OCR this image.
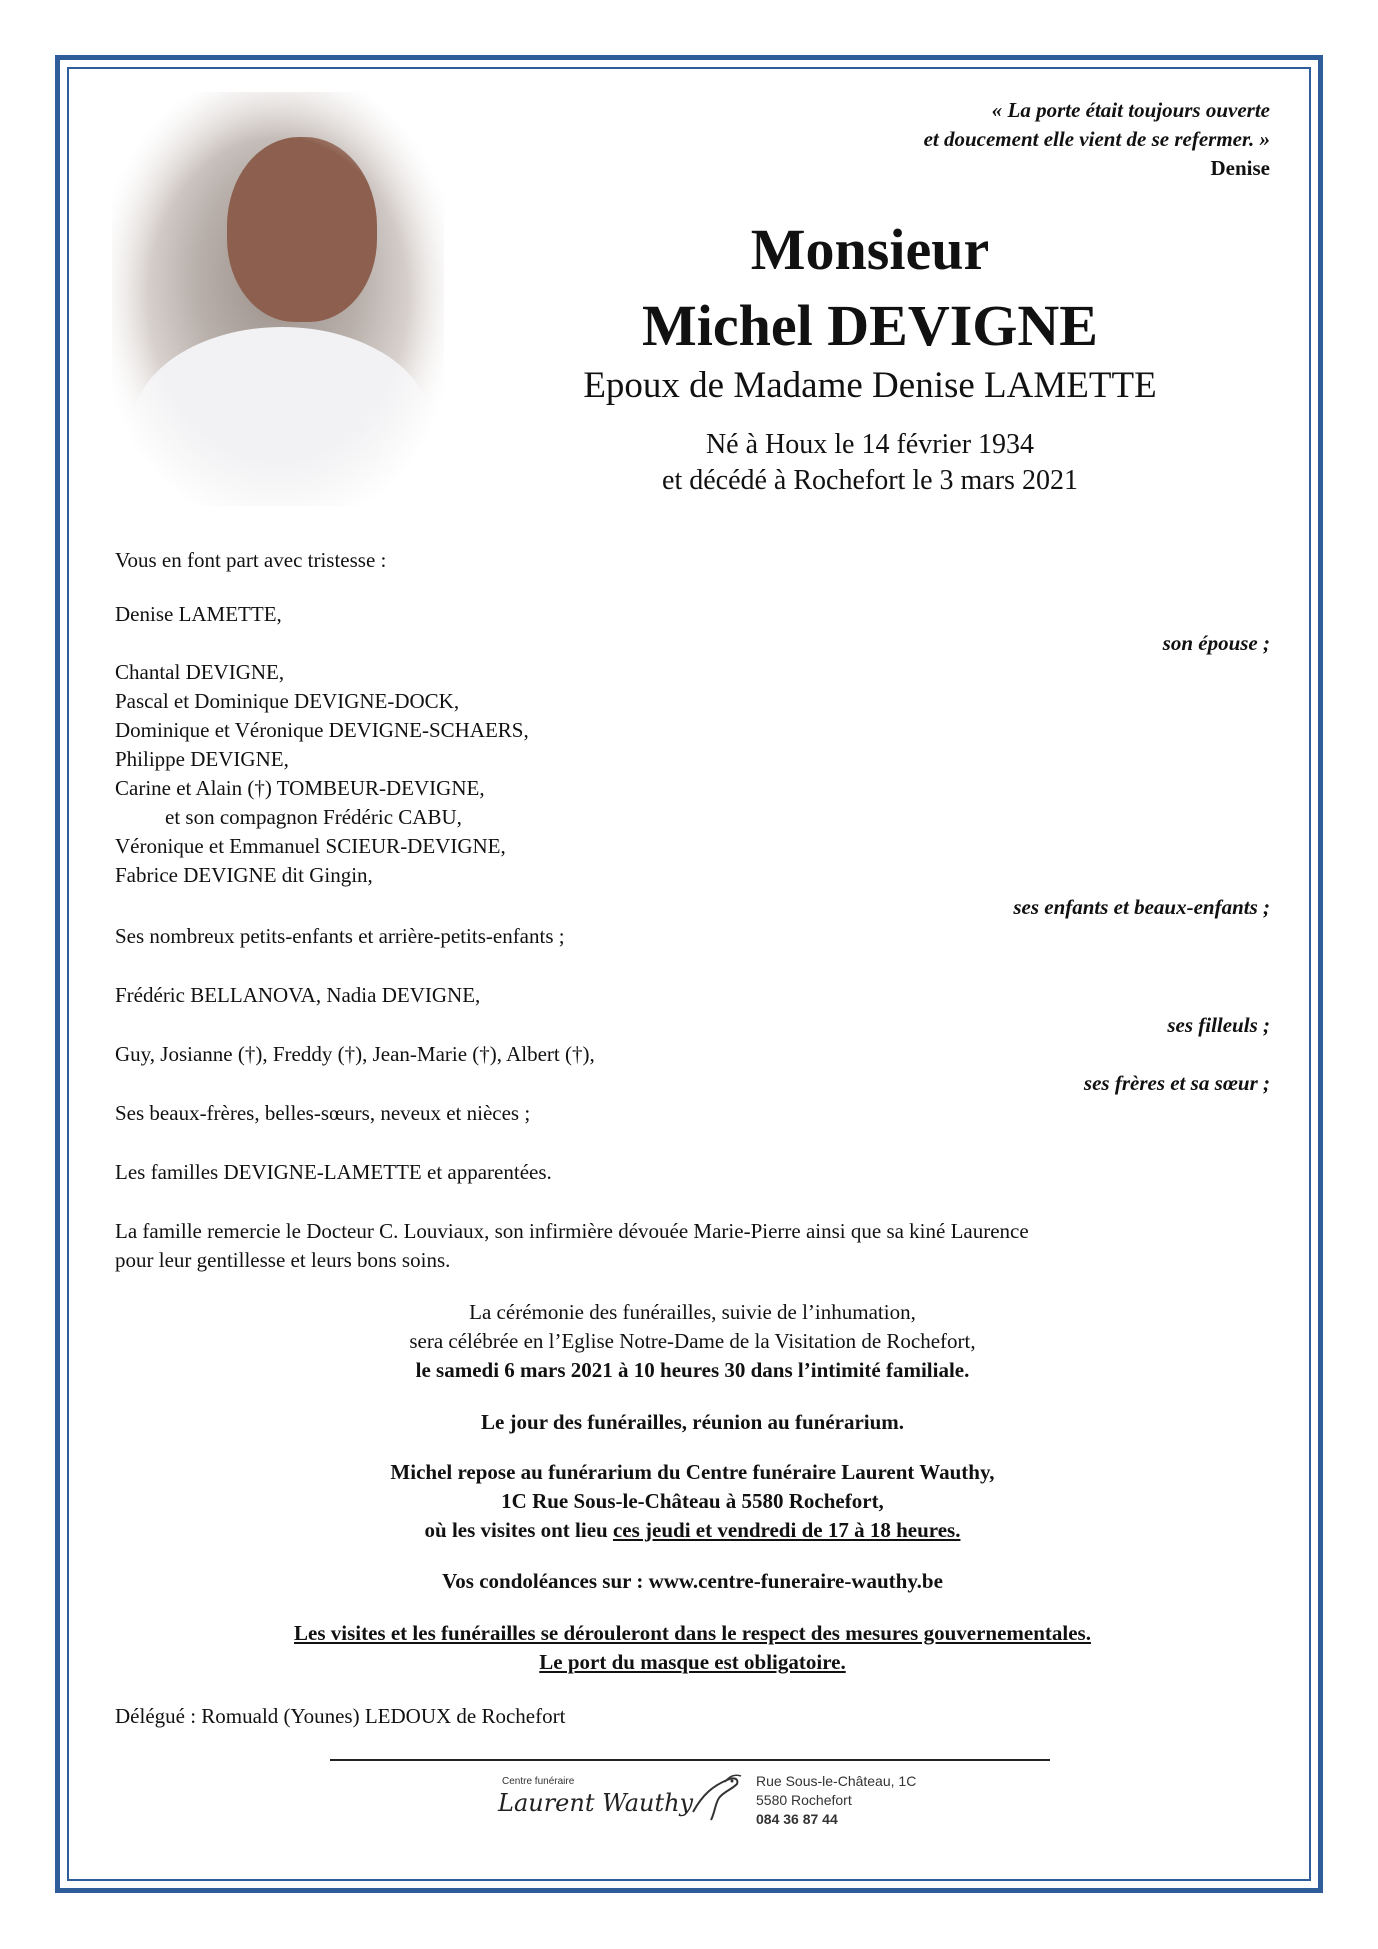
« La porte était toujours ouverte
et doucement elle vient de se refermer. »
Denise
Monsieur
Michel DEVIGNE
Epoux de Madame Denise LAMETTE
Né à Houx le 14 février 1934
et décédé à Rochefort le 3 mars 2021
Vous en font part avec tristesse :
Denise LAMETTE,
son épouse ;
Chantal DEVIGNE,
Pascal et Dominique DEVIGNE-DOCK,
Dominique et Véronique DEVIGNE-SCHAERS,
Philippe DEVIGNE,
Carine et Alain (†) TOMBEUR-DEVIGNE,
et son compagnon Frédéric CABU,
Véronique et Emmanuel SCIEUR-DEVIGNE,
Fabrice DEVIGNE dit Gingin,
ses enfants et beaux-enfants ;
Ses nombreux petits-enfants et arrière-petits-enfants ;
Frédéric BELLANOVA, Nadia DEVIGNE,
ses filleuls ;
Guy, Josianne (†), Freddy (†), Jean-Marie (†), Albert (†),
ses frères et sa sœur ;
Ses beaux-frères, belles-sœurs, neveux et nièces ;
Les familles DEVIGNE-LAMETTE et apparentées.
La famille remercie le Docteur C. Louviaux, son infirmière dévouée Marie-Pierre ainsi que sa kiné Laurence
pour leur gentillesse et leurs bons soins.
La cérémonie des funérailles, suivie de l’inhumation,
sera célébrée en l’Eglise Notre-Dame de la Visitation de Rochefort,
le samedi 6 mars 2021 à 10 heures 30 dans l’intimité familiale.
Le jour des funérailles, réunion au funérarium.
Michel repose au funérarium du Centre funéraire Laurent Wauthy,
1C Rue Sous-le-Château à 5580 Rochefort,
où les visites ont lieu ces jeudi et vendredi de 17 à 18 heures.
Vos condoléances sur : www.centre-funeraire-wauthy.be
Les visites et les funérailles se dérouleront dans le respect des mesures gouvernementales.
Le port du masque est obligatoire.
Délégué : Romuald (Younes) LEDOUX de Rochefort
Centre funéraire
Laurent Wauthy
Rue Sous-le-Château, 1C
5580 Rochefort
084 36 87 44
